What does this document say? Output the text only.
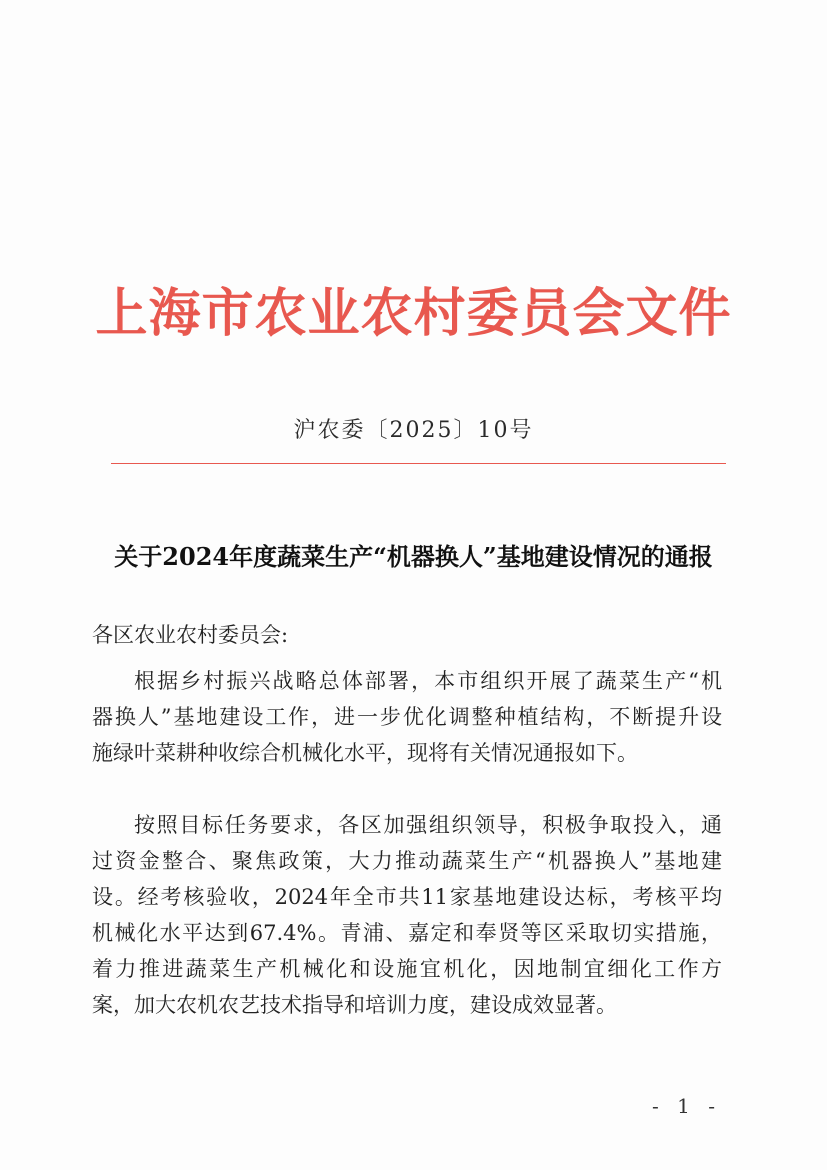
上海市农业农村委员会文件
沪农委〔2025〕10号
关于2024年度蔬菜生产“机器换人”基地建设情况的通报
各区农业农村委员会:
根据乡村振兴战略总体部署，本市组织开展了蔬菜生产“机
器换人”基地建设工作，进一步优化调整种植结构，不断提升设
施绿叶菜耕种收综合机械化水平，现将有关情况通报如下。
按照目标任务要求，各区加强组织领导，积极争取投入，通
过资金整合、聚焦政策，大力推动蔬菜生产“机器换人”基地建
设。经考核验收，2024年全市共11家基地建设达标，考核平均
机械化水平达到67.4%。青浦、嘉定和奉贤等区采取切实措施，
着力推进蔬菜生产机械化和设施宜机化，因地制宜细化工作方
案，加大农机农艺技术指导和培训力度，建设成效显著。
- 1 -
